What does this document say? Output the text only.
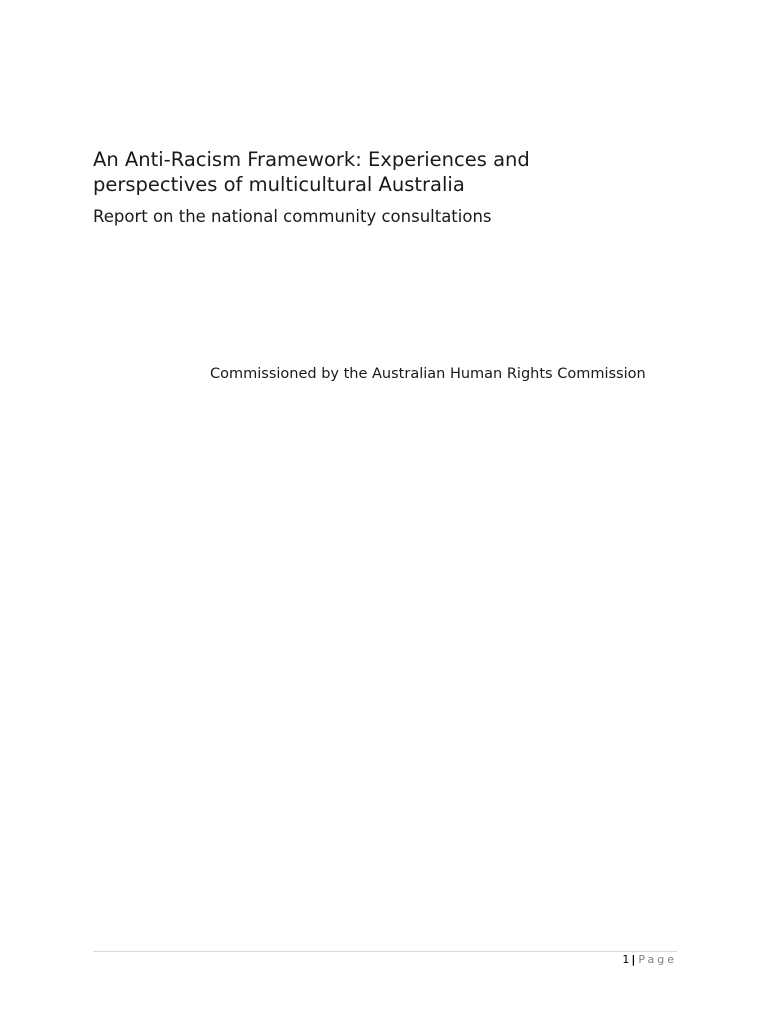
An Anti-Racism Framework: Experiences and perspectives of multicultural Australia
Report on the national community consultations

Commissioned by the Australian Human Rights Commission

1 | Page
